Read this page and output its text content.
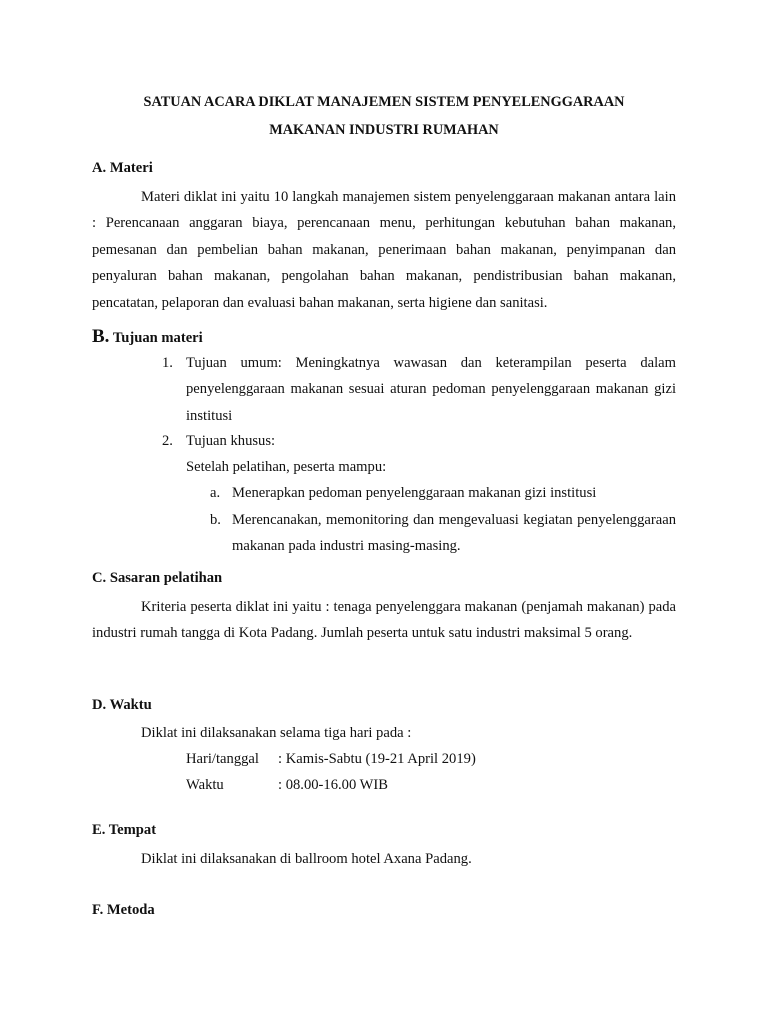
SATUAN ACARA DIKLAT MANAJEMEN SISTEM PENYELENGGARAAN
MAKANAN INDUSTRI RUMAHAN
A. Materi
Materi diklat ini yaitu 10 langkah manajemen sistem penyelenggaraan makanan antara lain : Perencanaan anggaran biaya, perencanaan menu, perhitungan kebutuhan bahan makanan, pemesanan dan pembelian bahan makanan, penerimaan bahan makanan, penyimpanan dan penyaluran bahan makanan, pengolahan bahan makanan, pendistribusian bahan makanan, pencatatan, pelaporan dan evaluasi bahan makanan, serta higiene dan sanitasi.
B. Tujuan materi
1. Tujuan umum: Meningkatnya wawasan dan keterampilan peserta dalam penyelenggaraan makanan sesuai aturan pedoman penyelenggaraan makanan gizi institusi
2. Tujuan khusus:
Setelah pelatihan, peserta mampu:
a. Menerapkan pedoman penyelenggaraan makanan gizi institusi
b. Merencanakan, memonitoring dan mengevaluasi kegiatan penyelenggaraan makanan pada industri masing-masing.
C. Sasaran pelatihan
Kriteria peserta diklat ini yaitu : tenaga penyelenggara makanan (penjamah makanan) pada industri rumah tangga di Kota Padang. Jumlah peserta untuk satu industri maksimal 5 orang.
D. Waktu
Diklat ini dilaksanakan selama tiga hari pada :
Hari/tanggal : Kamis-Sabtu (19-21 April 2019)
Waktu	: 08.00-16.00 WIB
E. Tempat
Diklat ini dilaksanakan di ballroom hotel Axana Padang.
F. Metoda
